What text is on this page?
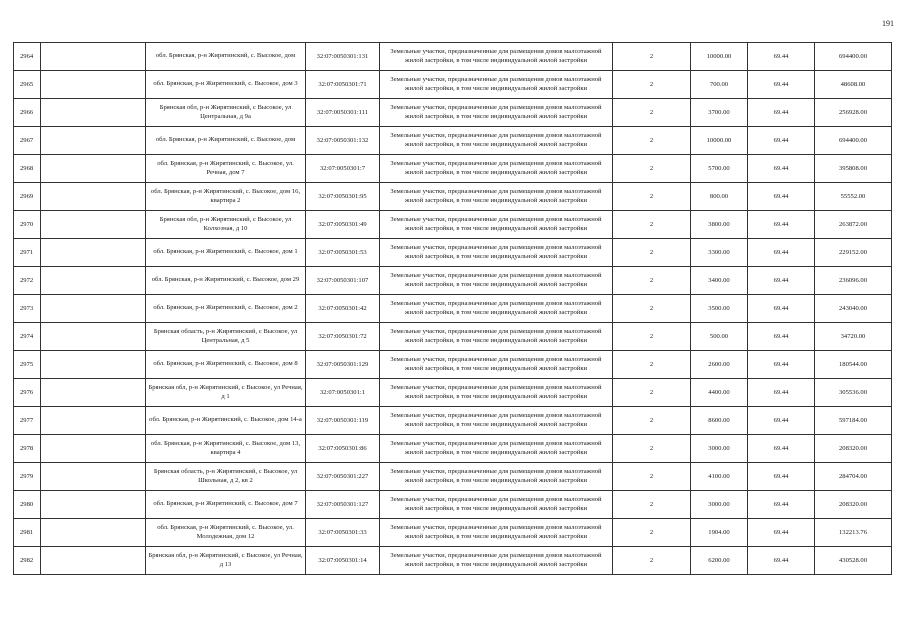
191
2964		обл. Брянская, р-н Жирятинский, с. Высокое, дом	32:07:0050301:131	Земельные участки, предназначенные для размещения домов малоэтажной жилой застройки, в том числе индивидуальной жилой застройки	2	10000.00	69.44	694400.00
2965		обл. Брянская, р-н Жирятинский, с. Высокое, дом 3	32:07:0050301:71	Земельные участки, предназначенные для размещения домов малоэтажной жилой застройки, в том числе индивидуальной жилой застройки	2	700.00	69.44	48608.00
2966		Брянская обл, р-н Жирятинский, с Высокое, ул Центральная, д 9а	32:07:0050301:111	Земельные участки, предназначенные для размещения домов малоэтажной жилой застройки, в том числе индивидуальной жилой застройки	2	3700.00	69.44	256928.00
2967		обл. Брянская, р-н Жирятинский, с. Высокое, дом	32:07:0050301:132	Земельные участки, предназначенные для размещения домов малоэтажной жилой застройки, в том числе индивидуальной жилой застройки	2	10000.00	69.44	694400.00
2968		обл. Брянская, р-н Жирятинский, с. Высокое, ул. Речная, дом 7	32:07:0050301:7	Земельные участки, предназначенные для размещения домов малоэтажной жилой застройки, в том числе индивидуальной жилой застройки	2	5700.00	69.44	395808.00
2969		обл. Брянская, р-н Жирятинский, с. Высокое, дом 16, квартира 2	32:07:0050301:95	Земельные участки, предназначенные для размещения домов малоэтажной жилой застройки, в том числе индивидуальной жилой застройки	2	800.00	69.44	55552.00
2970		Брянская обл, р-н Жирятинский, с Высокое, ул Колхозная, д 10	32:07:0050301:49	Земельные участки, предназначенные для размещения домов малоэтажной жилой застройки, в том числе индивидуальной жилой застройки	2	3800.00	69.44	263872.00
2971		обл. Брянская, р-н Жирятинский, с. Высокое, дом 1	32:07:0050301:53	Земельные участки, предназначенные для размещения домов малоэтажной жилой застройки, в том числе индивидуальной жилой застройки	2	3300.00	69.44	229152.00
2972		обл. Брянская, р-н Жирятинский, с. Высокое, дом 29	32:07:0050301:107	Земельные участки, предназначенные для размещения домов малоэтажной жилой застройки, в том числе индивидуальной жилой застройки	2	3400.00	69.44	236096.00
2973		обл. Брянская, р-н Жирятинский, с. Высокое, дом 2	32:07:0050301:42	Земельные участки, предназначенные для размещения домов малоэтажной жилой застройки, в том числе индивидуальной жилой застройки	2	3500.00	69.44	243040.00
2974		Брянская область, р-н Жирятинский, с Высокое, ул Центральная, д 5	32:07:0050301:72	Земельные участки, предназначенные для размещения домов малоэтажной жилой застройки, в том числе индивидуальной жилой застройки	2	500.00	69.44	34720.00
2975		обл. Брянская, р-н Жирятинский, с. Высокое, дом 8	32:07:0050301:129	Земельные участки, предназначенные для размещения домов малоэтажной жилой застройки, в том числе индивидуальной жилой застройки	2	2600.00	69.44	180544.00
2976		Брянская обл, р-н Жирятинский, с Высокое, ул Речная, д 1	32:07:0050301:1	Земельные участки, предназначенные для размещения домов малоэтажной жилой застройки, в том числе индивидуальной жилой застройки	2	4400.00	69.44	305536.00
2977		обл. Брянская, р-н Жирятинский, с. Высокое, дом 14-а	32:07:0050301:119	Земельные участки, предназначенные для размещения домов малоэтажной жилой застройки, в том числе индивидуальной жилой застройки	2	8600.00	69.44	597184.00
2978		обл. Брянская, р-н Жирятинский, с. Высокое, дом 13, квартира 4	32:07:0050301:86	Земельные участки, предназначенные для размещения домов малоэтажной жилой застройки, в том числе индивидуальной жилой застройки	2	3000.00	69.44	208320.00
2979		Брянская область, р-н Жирятинский, с Высокое, ул Школьная, д 2, кв 2	32:07:0050301:227	Земельные участки, предназначенные для размещения домов малоэтажной жилой застройки, в том числе индивидуальной жилой застройки	2	4100.00	69.44	284704.00
2980		обл. Брянская, р-н Жирятинский, с. Высокое, дом 7	32:07:0050301:127	Земельные участки, предназначенные для размещения домов малоэтажной жилой застройки, в том числе индивидуальной жилой застройки	2	3000.00	69.44	208320.00
2981		обл. Брянская, р-н Жирятинский, с. Высокое, ул. Молодежная, дом 12	32:07:0050301:33	Земельные участки, предназначенные для размещения домов малоэтажной жилой застройки, в том числе индивидуальной жилой застройки	2	1904.00	69.44	132213.76
2982		Брянская обл, р-н Жирятинский, с Высокое, ул Речная, д 13	32:07:0050301:14	Земельные участки, предназначенные для размещения домов малоэтажной жилой застройки, в том числе индивидуальной жилой застройки	2	6200.00	69.44	430528.00
